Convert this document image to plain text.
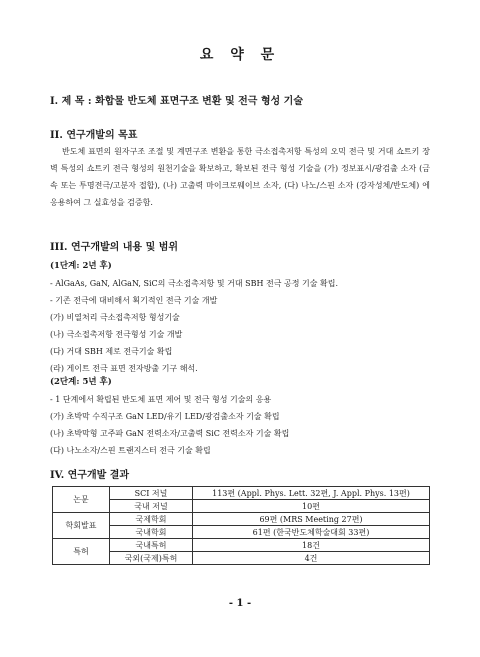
요 약 문
I. 제 목 : 화합물 반도체 표면구조 변환 및 전극 형성 기술
II. 연구개발의 목표
반도체 표면의 원자구조 조절 및 계면구조 변환을 통한 극소접촉저항 특성의 오믹 전극 및 거대 쇼트키 장벽 특성의 쇼트키 전극 형성의 원천기술을 확보하고, 확보된 전극 형성 기술을 (가) 정보표시/광검출 소자 (금속 또는 투명전극/고분자 접합), (나) 고출력 마이크로웨이브 소자, (다) 나노/스핀 소자 (강자성체/반도체) 에 응용하여 그 실효성을 검증함.
III. 연구개발의 내용 및 범위
(1단계: 2년 후)
- AlGaAs, GaN, AlGaN, SiC의 극소접촉저항 및 거대 SBH 전극 공정 기술 확립.
- 기존 전극에 대비해서 획기적인 전극 기술 개발
(가) 비열처리 극소접촉저항 형성기술
(나) 극소접촉저항 전극형성 기술 개발
(다) 거대 SBH 제로 전극기술 확립
(라) 게이트 전극 표면 전자방출 기구 해석.
(2단계: 5년 후)
- 1 단계에서 확립된 반도체 표면 제어 및 전극 형성 기술의 응용
(가) 초박막 수직구조 GaN LED/유기 LED/광검출소자 기술 확립
(나) 초박막형 고주파 GaN 전력소자/고출력 SiC 전력소자 기술 확립
(다) 나노소자/스핀 트랜지스터 전극 기술 확립
IV. 연구개발 결과
논문	SCI 저널	113편 (Appl. Phys. Lett. 32편, J. Appl. Phys. 13편)
	국내 저널	10편
학회발표	국제학회	69편 (MRS Meeting 27편)
	국내학회	61편 (한국반도체학술대회 33편)
특허	국내특허	18건
	국외(국제)특허	4건
- 1 -
